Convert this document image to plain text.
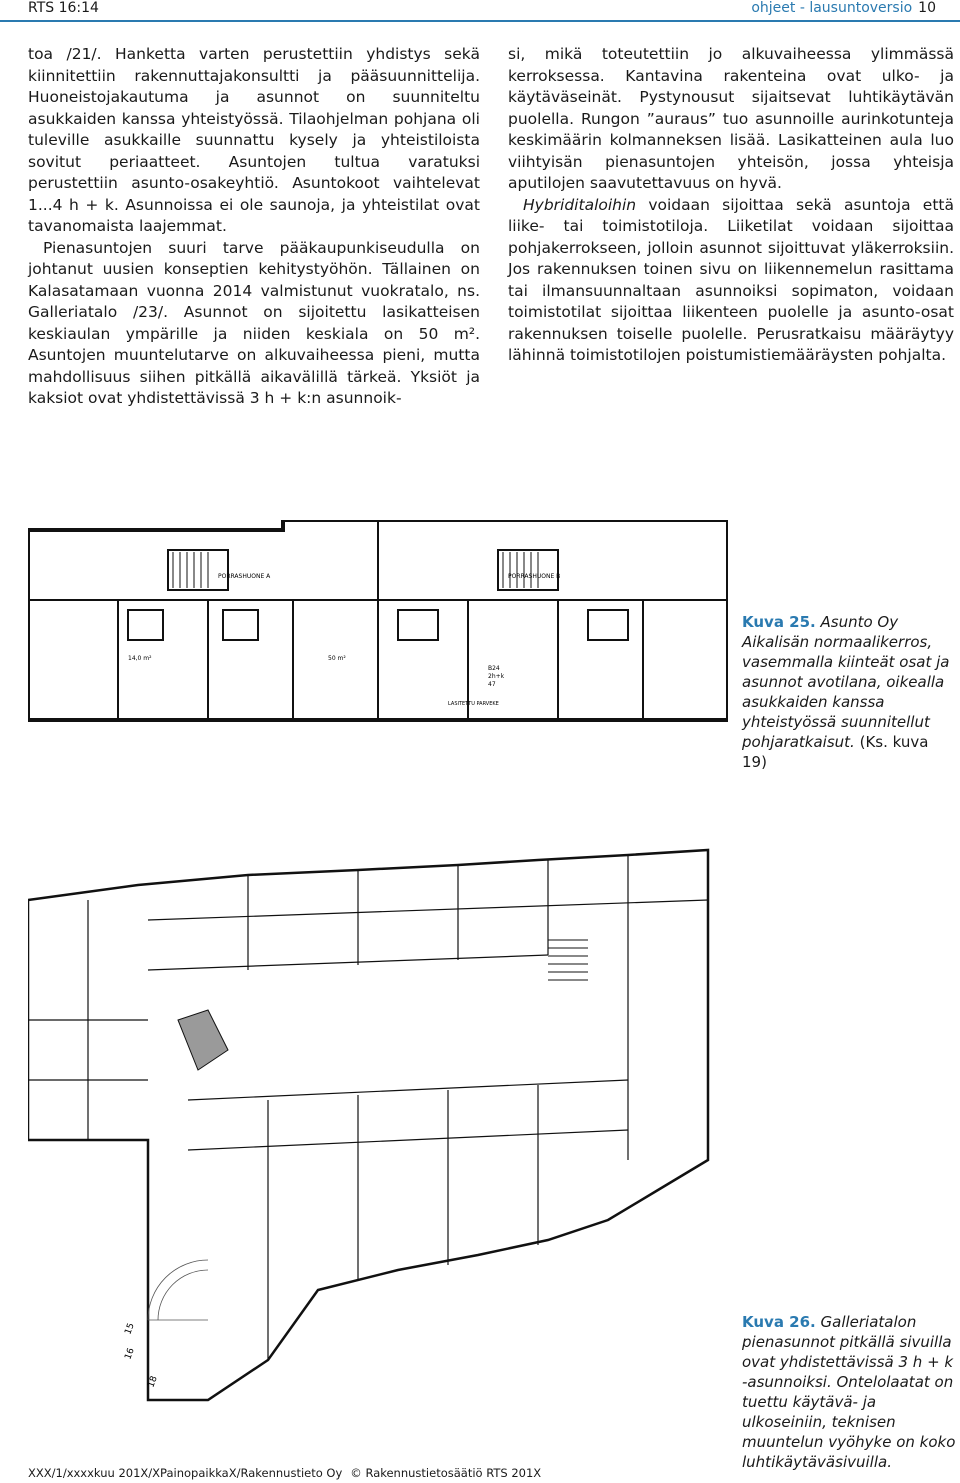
RTS 16:14	ohjeet - lausuntoversio 10

toa /21/. Hanketta varten perustettiin yhdistys sekä kiinnitettiin rakennuttajakonsultti ja pääsuunnittelija. Huoneistojakautuma ja asunnot on suunniteltu asukkaiden kanssa yhteistyössä. Tilaohjelman pohjana oli tuleville asukkaille suunnattu kysely ja yhteistiloista sovitut periaatteet. Asuntojen tultua varatuksi perustettiin asunto-osakeyhtiö. Asuntokoot vaihtelevat 1...4 h + k. Asunnoissa ei ole saunoja, ja yhteistilat ovat tavanomaista laajemmat.

Pienasuntojen suuri tarve pääkaupunkiseudulla on johtanut uusien konseptien kehitystyöhön. Tällainen on Kalasatamaan vuonna 2014 valmistunut vuokratalo, ns. Galleriatalo /23/. Asunnot on sijoitettu lasikatteisen keskiaulan ympärille ja niiden keskiala on 50 m². Asuntojen muuntelutarve on alkuvaiheessa pieni, mutta mahdollisuus siihen pitkällä aikavälillä tärkeä. Yksiöt ja kaksiot ovat yhdistettävissä 3 h + k:n asunnoik-

si, mikä toteutettiin jo alkuvaiheessa ylimmässä kerroksessa. Kantavina rakenteina ovat ulko- ja käytäväseinät. Pystynousut sijaitsevat luhtikäytävän puolella. Rungon ”auraus” tuo asunnoille aurinkotunteja keskimäärin kolmanneksen lisää. Lasikatteinen aula luo viihtyisän pienasuntojen yhteisön, jossa yhteisja aputilojen saavutettavuus on hyvä.

Hybriditaloihin voidaan sijoittaa sekä asuntoja että liike- tai toimistotiloja. Liiketilat voidaan sijoittaa pohjakerrokseen, jolloin asunnot sijoittuvat yläkerroksiin. Jos rakennuksen toinen sivu on liikennemelun rasittama tai ilmansuunnaltaan asunnoiksi sopimaton, voidaan toimistotilat sijoittaa liikenteen puolelle ja asunto-osat rakennuksen toiselle puolelle. Perusratkaisu määräytyy lähinnä toimistotilojen poistumistiemääräysten pohjalta.

PORRASHUONE A	PORRASHUONE B
LASITETTU PARVEKE
14,0 m²	50 m²
B24
2h+k
47
Kuva 25. Asunto Oy Aikalisän normaalikerros, vasemmalla kiinteät osat ja asunnot avotilana, oikealla asukkaiden kanssa yhteistyössä suunnitellut pohjaratkaisut. (Ks. kuva 19)
18
16
15	Kuva 26. Galleriatalon pienasunnot pitkällä sivuilla ovat yhdistettävissä 3 h + k -asunnoiksi. Ontelolaatat on tuettu käytävä- ja ulkoseiniin, teknisen muuntelun vyöhyke on koko luhtikäytäväsivuilla.
XXX/1/xxxxkuu 201X/XPainopaikkaX/Rakennustieto Oy © Rakennustietosäätiö RTS 201X
